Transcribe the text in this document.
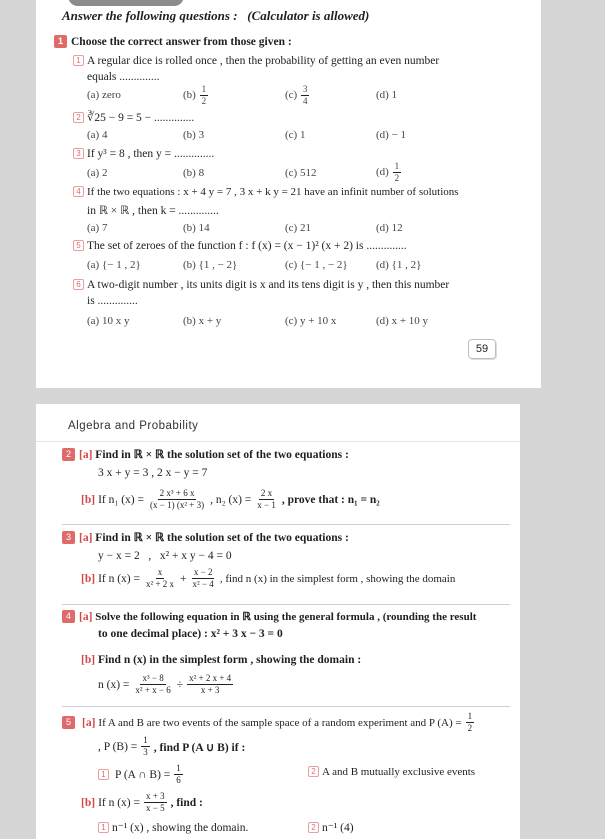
Answer the following questions : (Calculator is allowed)
1 Choose the correct answer from those given :
1 A regular dice is rolled once , then the probability of getting an even number
equals ..............
(a) zero	$(b) \frac{1}{2}$	$(c) \frac{3}{4}$	(d) 1
2 ∛25 − 9 = 5 − ..............
(a) 4	(b) 3	(c) 1	(d) − 1
3 If y³ = 8 , then y = ..............
(a) 2	(b) 8	(c) 512	$(d) \frac{1}{2}$
4 If the two equations : x + 4 y = 7 , 3 x + k y = 21 have an infinit number of solutions
in ℝ × ℝ , then k = ..............
(a) 7	(b) 14	(c) 21	(d) 12
5 The set of zeroes of the function f : f (x) = (x − 1)² (x + 2) is ..............
(a) {− 1 , 2}	(b) {1 , − 2}	(c) {− 1 , − 2}	(d) {1 , 2}
6 A two-digit number , its units digit is x and its tens digit is y , then this number
is ..............
(a) 10 x y	(b) x + y	(c) y + 10 x	(d) x + 10 y
59
Algebra and Probability
2 [a] Find in ℝ × ℝ the solution set of the two equations :
3 x + y = 3 , 2 x − y = 7
[b] If n₁ $(x) = \frac{\text{2 x³ + 6 x}}{\text{(x − 1) (x² + 3)}}$ , n₂ $(x) = \frac{2 x}{x - 1}$ , prove that : n₁ = n₂
3 [a] Find in ℝ × ℝ the solution set of the two equations :
y − x = 2   ,   x² + x y − 4 = 0
[b] If n $(x) = \frac{x}{\text{x² + 2 x}} + \frac{x - 2}{\text{x² − 4}}$ , find n (x) in the simplest form , showing the domain
4 [a] Solve the following equation in ℝ using the general formula , (rounding the result
to one decimal place) : x² + 3 x − 3 = 0
[b] Find n (x) in the simplest form , showing the domain :
n $(x) = \frac{\text{x³ − 8}}{\text{x² + x − 6}} \div \frac{\text{x² + 2 x + 4}}{x + 3}$
5 [a] If A and B are two events of the sample space of a random experiment and P $(A) = \frac{1}{2}$
, P $(B) = \frac{1}{3}$ , find P (A ∪ B) if :
1 P (A ∩ $B) = \frac{1}{6}$	2 A and B mutually exclusive events
[b] If n $(x) = \frac{x + 3}{x - 5}$ , find :
1 n⁻¹ (x) , showing the domain.	2 n⁻¹ (4)
